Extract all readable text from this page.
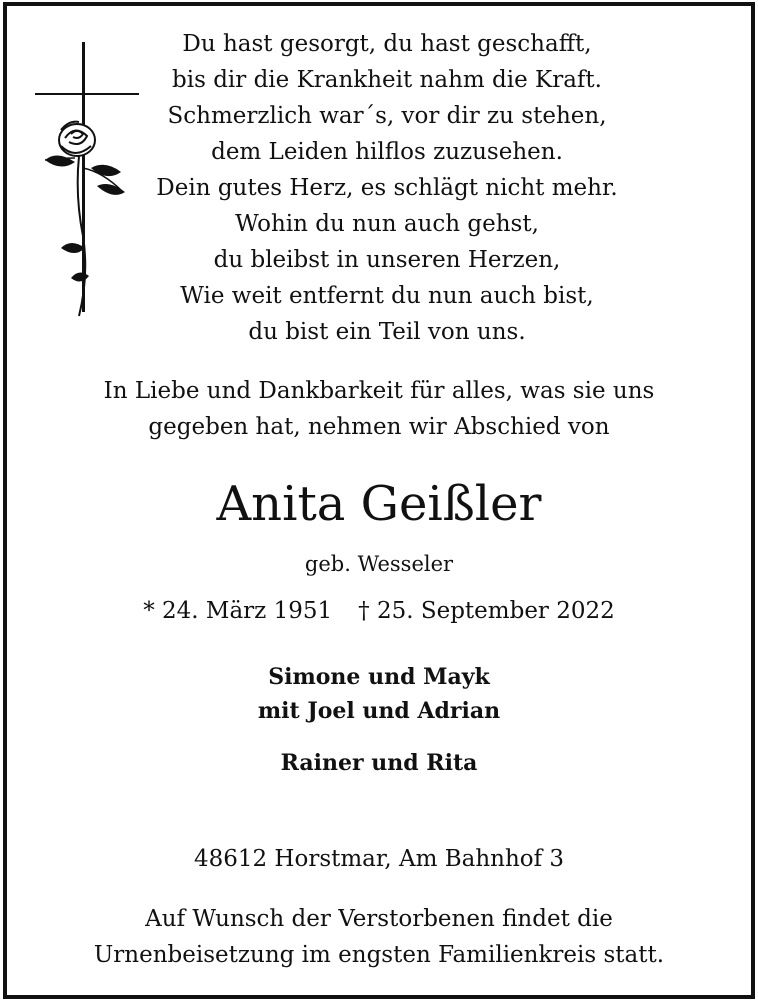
Du hast gesorgt, du hast geschafft,
bis dir die Krankheit nahm die Kraft.
Schmerzlich war´s, vor dir zu stehen,
dem Leiden hilflos zuzusehen.
Dein gutes Herz, es schlägt nicht mehr.
Wohin du nun auch gehst,
du bleibst in unseren Herzen,
Wie weit entfernt du nun auch bist,
du bist ein Teil von uns.
In Liebe und Dankbarkeit für alles, was sie uns
gegeben hat, nehmen wir Abschied von
Anita Geißler
geb. Wesseler
* 24. März 1951 † 25. September 2022
Simone und Mayk
mit Joel und Adrian
Rainer und Rita
48612 Horstmar, Am Bahnhof 3
Auf Wunsch der Verstorbenen findet die
Urnenbeisetzung im engsten Familienkreis statt.
